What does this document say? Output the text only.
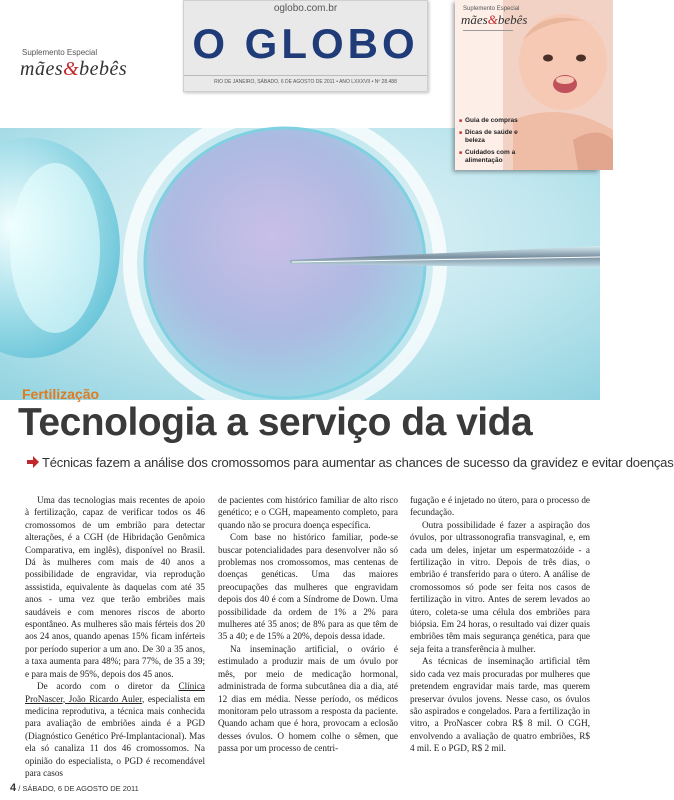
Suplemento Especial
mães&bebês
oglobo.com.br
O GLOBO
RIO DE JANEIRO, SÁBADO, 6 DE AGOSTO DE 2011 • ANO LXXXVII • Nº 28.488
Suplemento Especial
mães&bebês
■ Guia de compras
■ Dicas de saúde e beleza
■ Cuidados com a alimentação
Fertilização
Tecnologia a serviço da vida
Técnicas fazem a análise dos cromossomos para aumentar as chances de sucesso da gravidez e evitar doenças

Uma das tecnologias mais recentes de apoio à fertilização, capaz de verificar todos os 46 cromossomos de um embrião para detectar alterações, é a CGH (de Hibridação Genômica Comparativa, em inglês), disponível no Brasil. Dá às mulheres com mais de 40 anos a possibilidade de engravidar, via reprodução asssistida, equivalente às daquelas com até 35 anos - uma vez que terão embriões mais saudáveis e com menores riscos de aborto espontâneo. As mulheres são mais férteis dos 20 aos 24 anos, quando apenas 15% ficam inférteis por período superior a um ano. De 30 a 35 anos, a taxa aumenta para 48%; para 77%, de 35 a 39; e para mais de 95%, depois dos 45 anos.

De acordo com o diretor da Clínica ProNascer, João Ricardo Auler, especialista em medicina reprodutiva, a técnica mais conhecida para avaliação de embriões ainda é a PGD (Diagnóstico Genético Pré-Implantacional). Mas ela só canaliza 11 dos 46 cromossomos. Na opinião do especialista, o PGD é recomendável para casos

de pacientes com histórico familiar de alto risco genético; e o CGH, mapeamento completo, para quando não se procura doença específica.

Com base no histórico familiar, pode-se buscar potencialidades para desenvolver não só problemas nos cromossomos, mas centenas de doenças genéticas. Uma das maiores preocupações das mulheres que engravidam depois dos 40 é com a Síndrome de Down. Uma possibilidade da ordem de 1% a 2% para mulheres até 35 anos; de 8% para as que têm de 35 a 40; e de 15% a 20%, depois dessa idade.

Na inseminação artificial, o ovário é estimulado a produzir mais de um óvulo por mês, por meio de medicação hormonal, administrada de forma subcutânea dia a dia, até 12 dias em média. Nesse período, os médicos monitoram pelo utrassom a resposta da paciente. Quando acham que é hora, provocam a eclosão desses óvulos. O homem colhe o sêmen, que passa por um processo de centri-

fugação e é injetado no útero, para o processo de fecundação.

Outra possibilidade é fazer a aspiração dos óvulos, por ultrassonografia transvaginal, e, em cada um deles, injetar um espermatozóide - a fertilização in vitro. Depois de três dias, o embrião é transferido para o útero. A análise de cromossomos só pode ser feita nos casos de fertilização in vitro. Antes de serem levados ao útero, coleta-se uma célula dos embriões para biópsia. Em 24 horas, o resultado vai dizer quais embriões têm mais segurança genética, para que seja feita a transferência à mulher.

As técnicas de inseminação artificial têm sido cada vez mais procuradas por mulheres que pretendem engravidar mais tarde, mas querem preservar óvulos jovens. Nesse caso, os óvulos são aspirados e congelados. Para a fertilização in vitro, a ProNascer cobra R$ 8 mil. O CGH, envolvendo a avaliação de quatro embriões, R$ 4 mil. E o PGD, R$ 2 mil.

4 / SÁBADO, 6 DE AGOSTO DE 2011
